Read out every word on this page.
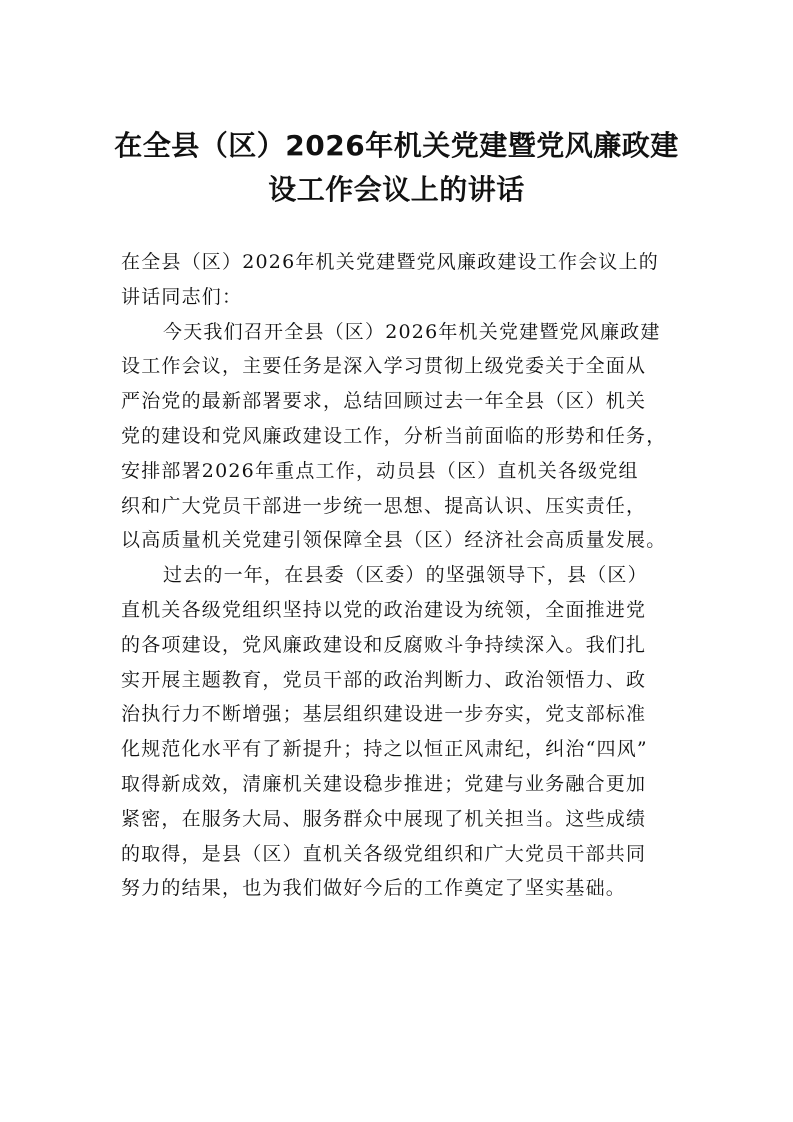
在全县（区）2026年机关党建暨党风廉政建
设工作会议上的讲话
在全县（区）2026年机关党建暨党风廉政建设工作会议上的
讲话同志们：
今天我们召开全县（区）2026年机关党建暨党风廉政建
设工作会议，主要任务是深入学习贯彻上级党委关于全面从
严治党的最新部署要求，总结回顾过去一年全县（区）机关
党的建设和党风廉政建设工作，分析当前面临的形势和任务，
安排部署2026年重点工作，动员县（区）直机关各级党组
织和广大党员干部进一步统一思想、提高认识、压实责任，
以高质量机关党建引领保障全县（区）经济社会高质量发展。
过去的一年，在县委（区委）的坚强领导下，县（区）
直机关各级党组织坚持以党的政治建设为统领，全面推进党
的各项建设，党风廉政建设和反腐败斗争持续深入。我们扎
实开展主题教育，党员干部的政治判断力、政治领悟力、政
治执行力不断增强；基层组织建设进一步夯实，党支部标准
化规范化水平有了新提升；持之以恒正风肃纪，纠治“四风”
取得新成效，清廉机关建设稳步推进；党建与业务融合更加
紧密，在服务大局、服务群众中展现了机关担当。这些成绩
的取得，是县（区）直机关各级党组织和广大党员干部共同
努力的结果，也为我们做好今后的工作奠定了坚实基础。
